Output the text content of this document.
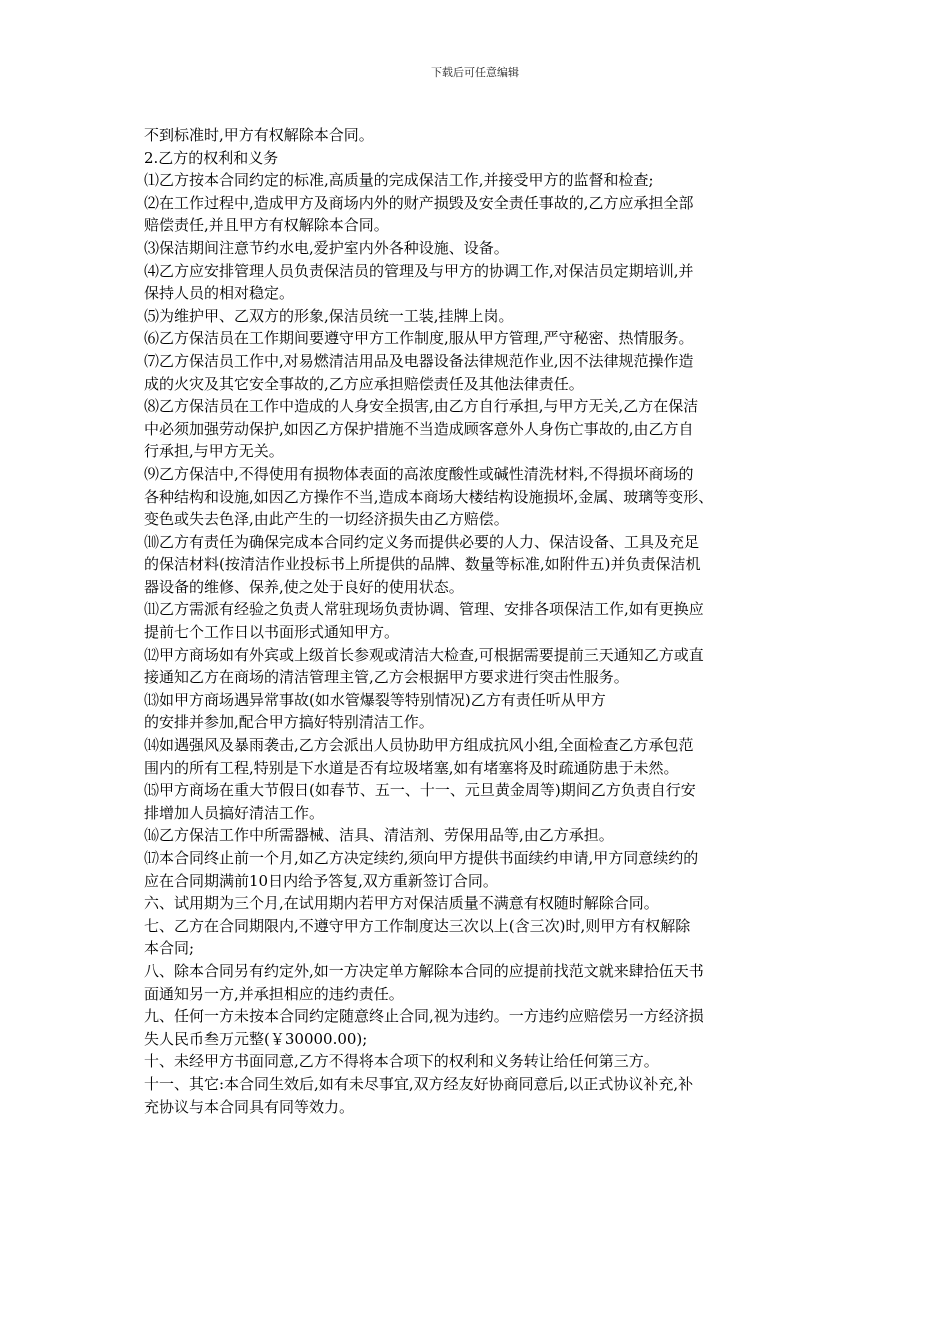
下载后可任意编辑
不到标准时,甲方有权解除本合同。
2.乙方的权利和义务
⑴乙方按本合同约定的标准,高质量的完成保洁工作,并接受甲方的监督和检查;
⑵在工作过程中,造成甲方及商场内外的财产损毁及安全责任事故的,乙方应承担全部
赔偿责任,并且甲方有权解除本合同。
⑶保洁期间注意节约水电,爱护室内外各种设施、设备。
⑷乙方应安排管理人员负责保洁员的管理及与甲方的协调工作,对保洁员定期培训,并
保持人员的相对稳定。
⑸为维护甲、乙双方的形象,保洁员统一工装,挂牌上岗。
⑹乙方保洁员在工作期间要遵守甲方工作制度,服从甲方管理,严守秘密、热情服务。
⑺乙方保洁员工作中,对易燃清洁用品及电器设备法律规范作业,因不法律规范操作造
成的火灾及其它安全事故的,乙方应承担赔偿责任及其他法律责任。
⑻乙方保洁员在工作中造成的人身安全损害,由乙方自行承担,与甲方无关,乙方在保洁
中必须加强劳动保护,如因乙方保护措施不当造成顾客意外人身伤亡事故的,由乙方自
行承担,与甲方无关。
⑼乙方保洁中,不得使用有损物体表面的高浓度酸性或碱性清洗材料,不得损坏商场的
各种结构和设施,如因乙方操作不当,造成本商场大楼结构设施损坏,金属、玻璃等变形、
变色或失去色泽,由此产生的一切经济损失由乙方赔偿。
⑽乙方有责任为确保完成本合同约定义务而提供必要的人力、保洁设备、工具及充足
的保洁材料(按清洁作业投标书上所提供的品牌、数量等标准,如附件五)并负责保洁机
器设备的维修、保养,使之处于良好的使用状态。
⑾乙方需派有经验之负责人常驻现场负责协调、管理、安排各项保洁工作,如有更换应
提前七个工作日以书面形式通知甲方。
⑿甲方商场如有外宾或上级首长参观或清洁大检查,可根据需要提前三天通知乙方或直
接通知乙方在商场的清洁管理主管,乙方会根据甲方要求进行突击性服务。
⒀如甲方商场遇异常事故(如水管爆裂等特别情况)乙方有责任听从甲方
的安排并参加,配合甲方搞好特别清洁工作。
⒁如遇强风及暴雨袭击,乙方会派出人员协助甲方组成抗风小组,全面检查乙方承包范
围内的所有工程,特别是下水道是否有垃圾堵塞,如有堵塞将及时疏通防患于未然。
⒂甲方商场在重大节假日(如春节、五一、十一、元旦黄金周等)期间乙方负责自行安
排增加人员搞好清洁工作。
⒃乙方保洁工作中所需器械、洁具、清洁剂、劳保用品等,由乙方承担。
⒄本合同终止前一个月,如乙方决定续约,须向甲方提供书面续约申请,甲方同意续约的
应在合同期满前10日内给予答复,双方重新签订合同。
六、试用期为三个月,在试用期内若甲方对保洁质量不满意有权随时解除合同。
七、乙方在合同期限内,不遵守甲方工作制度达三次以上(含三次)时,则甲方有权解除
本合同;
八、除本合同另有约定外,如一方决定单方解除本合同的应提前找范文就来肆拾伍天书
面通知另一方,并承担相应的违约责任。
九、任何一方未按本合同约定随意终止合同,视为违约。一方违约应赔偿另一方经济损
失人民币叁万元整(￥30000.00);
十、未经甲方书面同意,乙方不得将本合项下的权利和义务转让给任何第三方。
十一、其它:本合同生效后,如有未尽事宜,双方经友好协商同意后,以正式协议补充,补
充协议与本合同具有同等效力。
